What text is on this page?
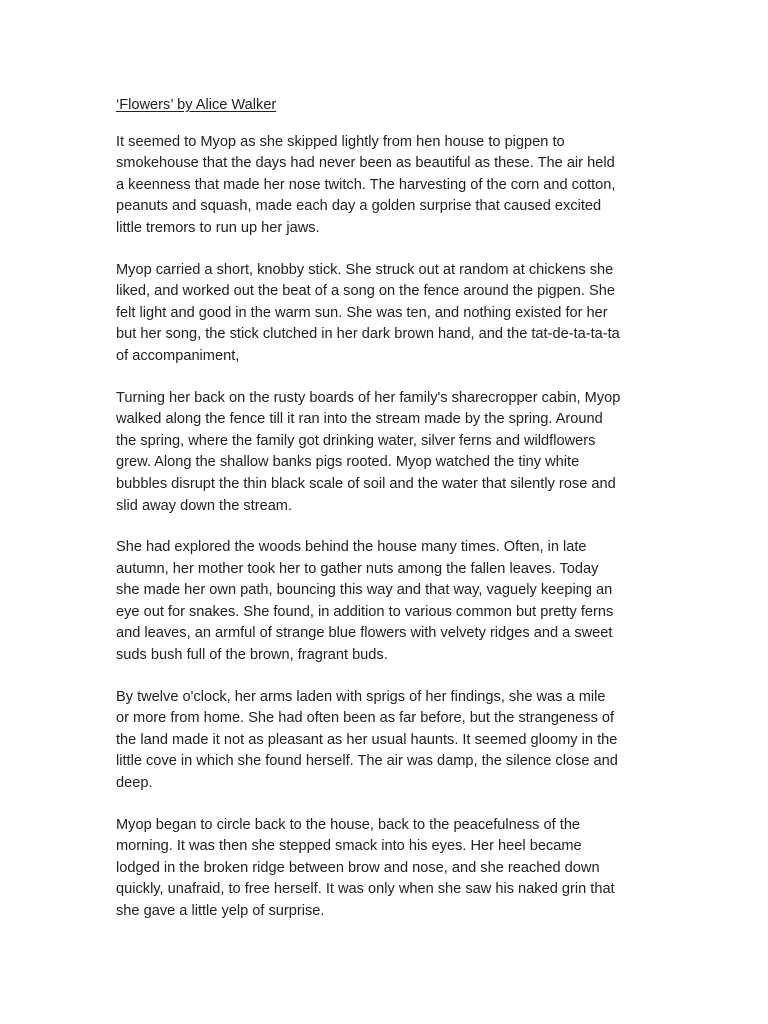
‘Flowers’ by Alice Walker
It seemed to Myop as she skipped lightly from hen house to pigpen to
smokehouse that the days had never been as beautiful as these. The air held
a keenness that made her nose twitch. The harvesting of the corn and cotton,
peanuts and squash, made each day a golden surprise that caused excited
little tremors to run up her jaws.
Myop carried a short, knobby stick. She struck out at random at chickens she
liked, and worked out the beat of a song on the fence around the pigpen. She
felt light and good in the warm sun. She was ten, and nothing existed for her
but her song, the stick clutched in her dark brown hand, and the tat-de-ta-ta-ta
of accompaniment,
Turning her back on the rusty boards of her family's sharecropper cabin, Myop
walked along the fence till it ran into the stream made by the spring. Around
the spring, where the family got drinking water, silver ferns and wildflowers
grew. Along the shallow banks pigs rooted. Myop watched the tiny white
bubbles disrupt the thin black scale of soil and the water that silently rose and
slid away down the stream.
She had explored the woods behind the house many times. Often, in late
autumn, her mother took her to gather nuts among the fallen leaves. Today
she made her own path, bouncing this way and that way, vaguely keeping an
eye out for snakes. She found, in addition to various common but pretty ferns
and leaves, an armful of strange blue flowers with velvety ridges and a sweet
suds bush full of the brown, fragrant buds.
By twelve o'clock, her arms laden with sprigs of her findings, she was a mile
or more from home. She had often been as far before, but the strangeness of
the land made it not as pleasant as her usual haunts. It seemed gloomy in the
little cove in which she found herself. The air was damp, the silence close and
deep.
Myop began to circle back to the house, back to the peacefulness of the
morning. It was then she stepped smack into his eyes. Her heel became
lodged in the broken ridge between brow and nose, and she reached down
quickly, unafraid, to free herself. It was only when she saw his naked grin that
she gave a little yelp of surprise.
